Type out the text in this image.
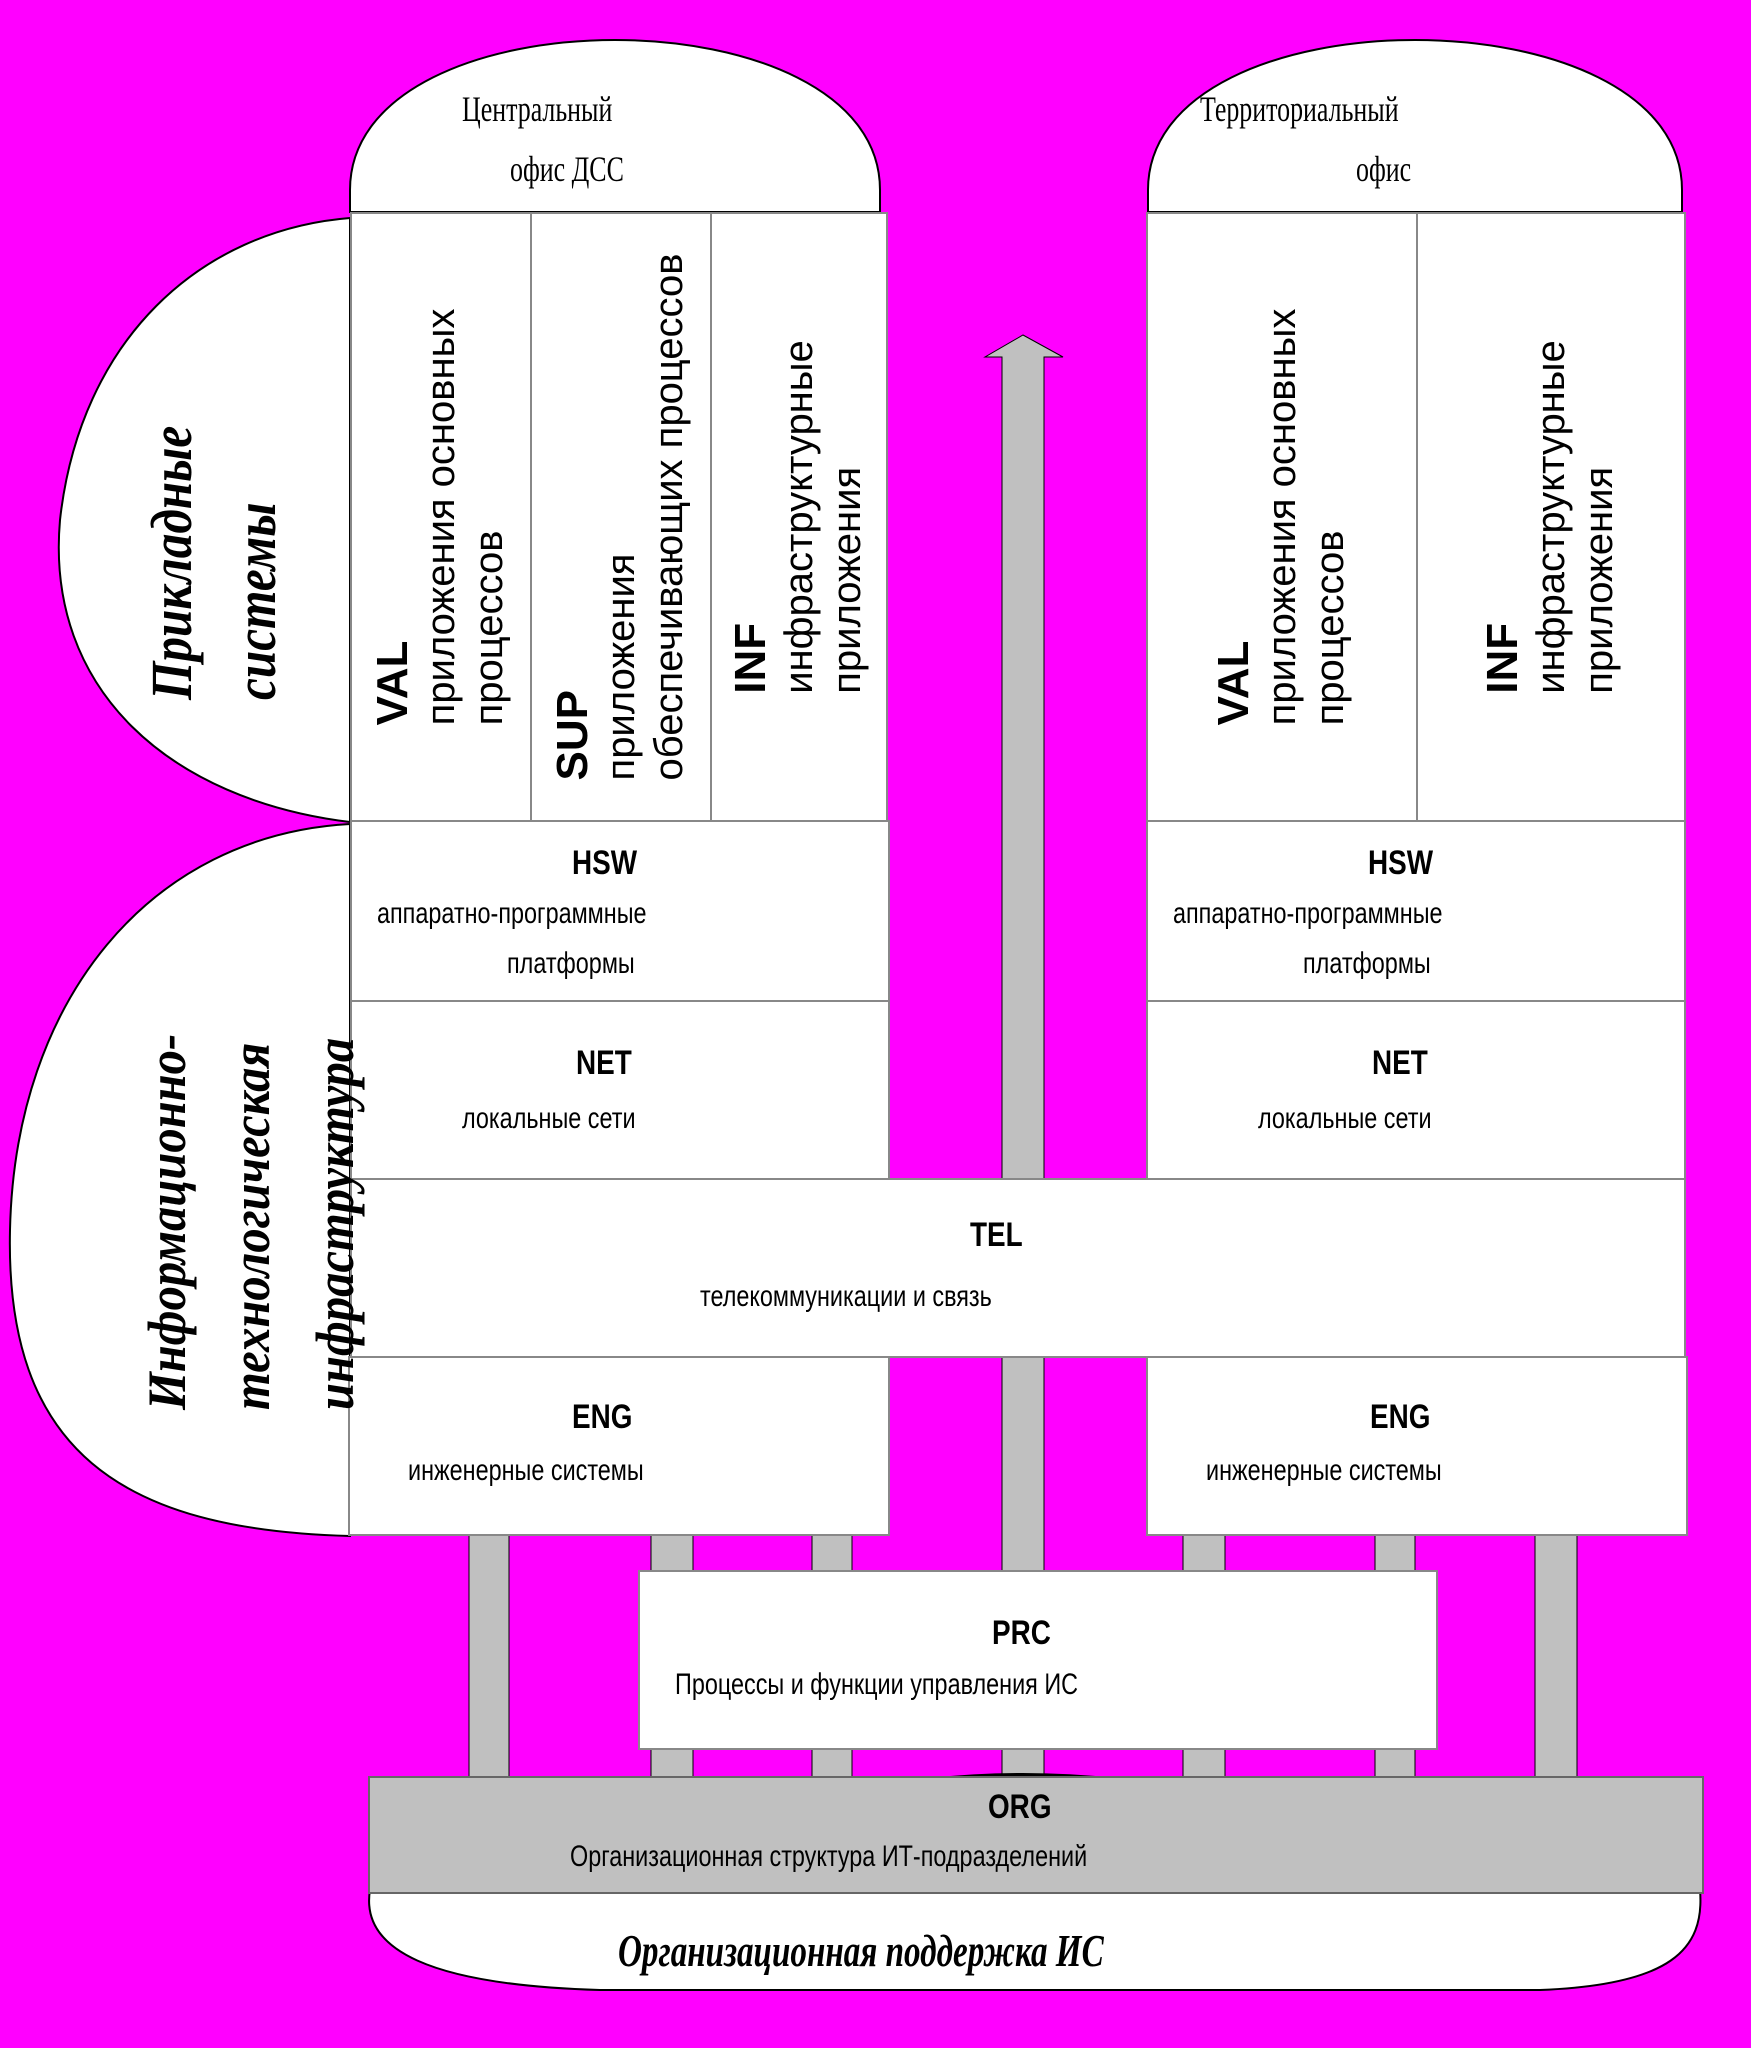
Центральный
офис ДСС
VAL приложения основных процессов
SUP приложения обеспечивающих процессов INF инфраструктурные приложения
HSW
аппаратно-программные
платформы
NET
локальные сети
ENG
инженерные системы
Территориальный
офис
VAL приложения основных процессов	INF инфраструктурные приложения
HSW
аппаратно-программные
платформы
NET
локальные сети
ENG
инженерные системы
TEL
телекоммуникации и связь
PRC
Процессы и функции управления ИС
ORG
Организационная структура ИТ-подразделений
Прикладные системы
Информационно- технологическая инфраструктура
Организационная поддержка ИС
